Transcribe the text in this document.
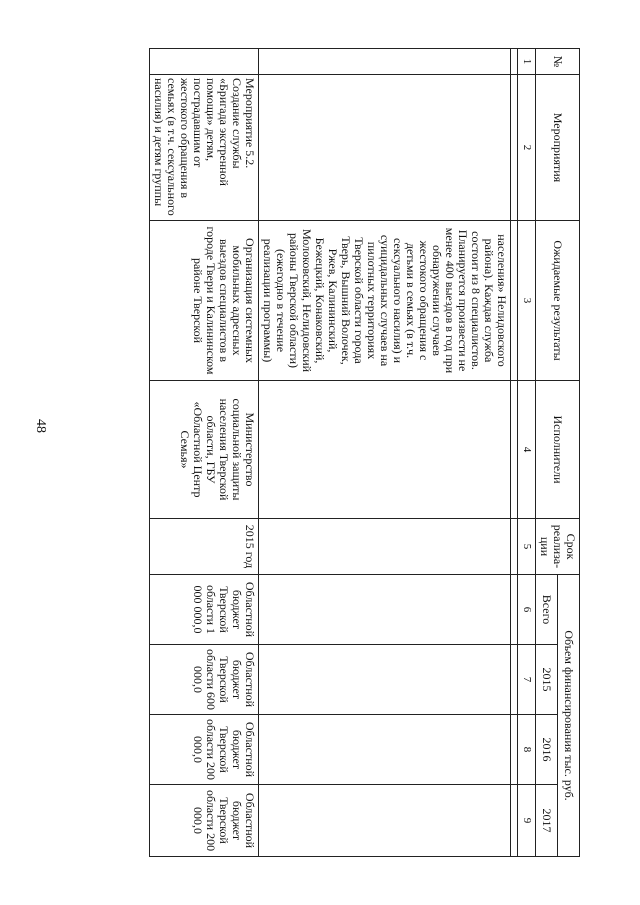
48
№	Мероприятия	Ожидаемые результаты	Исполнители	Срок реализа-ции	Объем финансирования тыс. руб.			
					Всего	2015	2016	2017
1	2	3	4	5	6	7	8	9

		населения» Нелидовского района). Каждая служба состоит из 8 специалистов. Планируется произвести не менее 400 выездов в год при обнаружении случаев жестокого обращения с детьми в семьях (в т.ч. сексуального насилия) и суицидальных случаев на пилотных территориях Тверской области города Тверь, Вышний Волочек, Ржев, Калининский, Бежецкий, Конаковский, Молоковский, Нелидовский районы Тверской области) (ежегодно в течение реализации программы)						
	Мероприятие 5.2. Создание службы «Бригада экстренной помощи» детям, пострадавшим от жестокого обращения в семьях (в т.ч. сексуального насилия) и детям группы	Организация системных мобильных адресных выездов специалистов в городе Твери и Калининском районе Тверской	Министерство социальной защиты населения Тверской области, ГБУ «Областной Центр Семья»	2015 год	Областной бюджет Тверской области 1 000 000,0	Областной бюджет Тверской области 600 000,0	Областной бюджет Тверской области 200 000,0	Областной бюджет Тверской области 200 000,0
